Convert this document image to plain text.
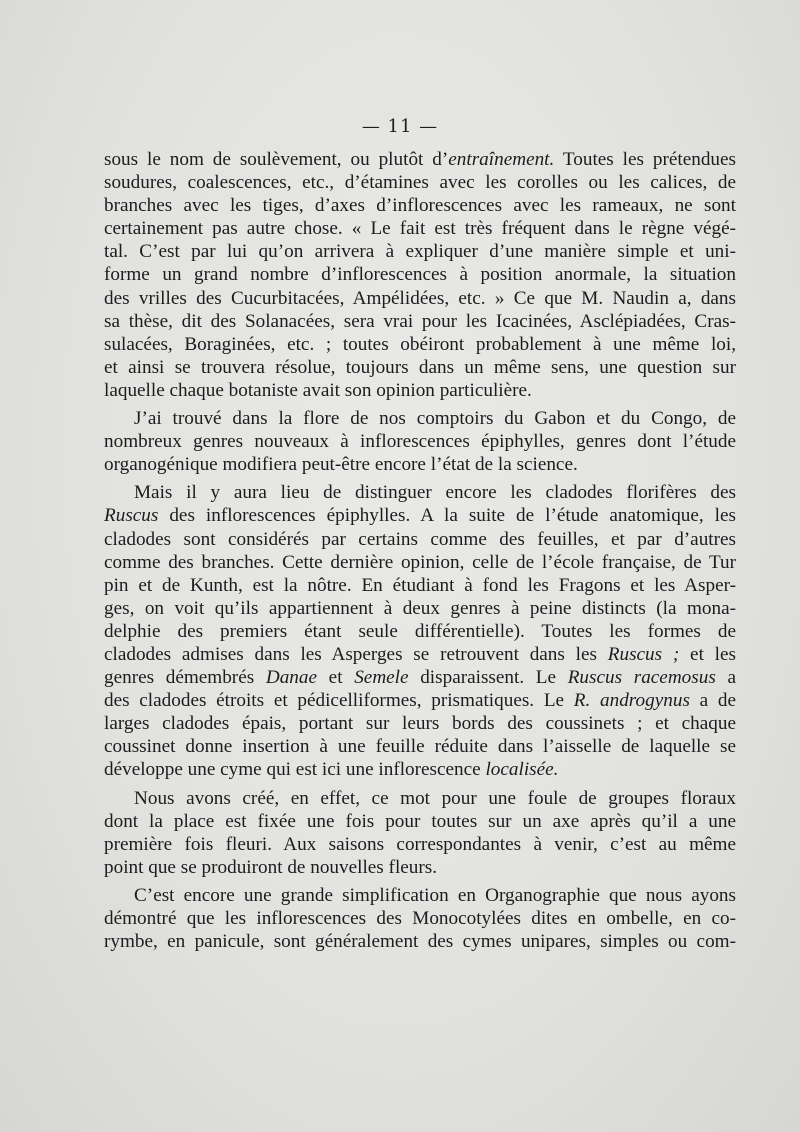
— 11 —
sous le nom de soulèvement, ou plutôt d’entraînement. Toutes les prétendues
soudures, coalescences, etc., d’étamines avec les corolles ou les calices, de
branches avec les tiges, d’axes d’inflorescences avec les rameaux, ne sont
certainement pas autre chose. « Le fait est très fréquent dans le règne végé-
tal. C’est par lui qu’on arrivera à expliquer d’une manière simple et uni-
forme un grand nombre d’inflorescences à position anormale, la situation
des vrilles des Cucurbitacées, Ampélidées, etc. » Ce que M. Naudin a, dans
sa thèse, dit des Solanacées, sera vrai pour les Icacinées, Asclépiadées, Cras-
sulacées, Boraginées, etc. ; toutes obéiront probablement à une même loi,
et ainsi se trouvera résolue, toujours dans un même sens, une question sur
laquelle chaque botaniste avait son opinion particulière.
J’ai trouvé dans la flore de nos comptoirs du Gabon et du Congo, de
nombreux genres nouveaux à inflorescences épiphylles, genres dont l’étude
organogénique modifiera peut-être encore l’état de la science.
Mais il y aura lieu de distinguer encore les cladodes florifères des
Ruscus des inflorescences épiphylles. A la suite de l’étude anatomique, les
cladodes sont considérés par certains comme des feuilles, et par d’autres
comme des branches. Cette dernière opinion, celle de l’école française, de Tur
pin et de Kunth, est la nôtre. En étudiant à fond les Fragons et les Asper-
ges, on voit qu’ils appartiennent à deux genres à peine distincts (la mona-
delphie des premiers étant seule différentielle). Toutes les formes de
cladodes admises dans les Asperges se retrouvent dans les Ruscus ; et les
genres démembrés Danae et Semele disparaissent. Le Ruscus racemosus a
des cladodes étroits et pédicelliformes, prismatiques. Le R. androgynus a de
larges cladodes épais, portant sur leurs bords des coussinets ; et chaque
coussinet donne insertion à une feuille réduite dans l’aisselle de laquelle se
développe une cyme qui est ici une inflorescence localisée.
Nous avons créé, en effet, ce mot pour une foule de groupes floraux
dont la place est fixée une fois pour toutes sur un axe après qu’il a une
première fois fleuri. Aux saisons correspondantes à venir, c’est au même
point que se produiront de nouvelles fleurs.
C’est encore une grande simplification en Organographie que nous ayons
démontré que les inflorescences des Monocotylées dites en ombelle, en co-
rymbe, en panicule, sont généralement des cymes unipares, simples ou com-
